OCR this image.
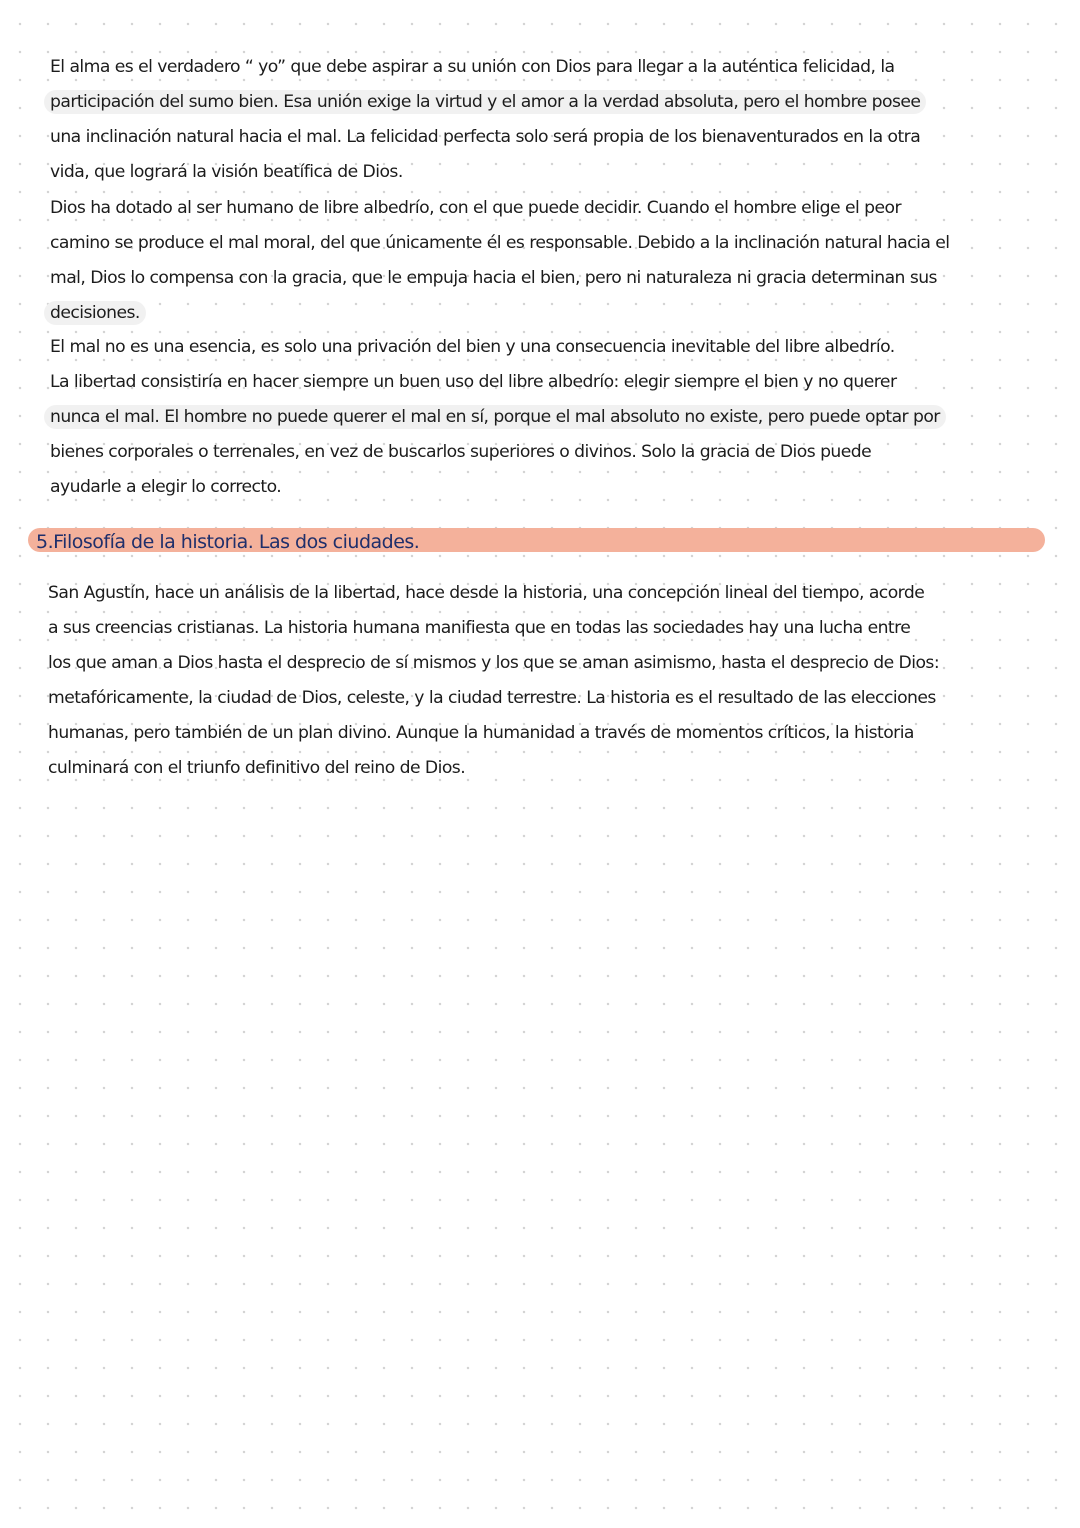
El alma es el verdadero “ yo” que debe aspirar a su unión con Dios para llegar a la auténtica felicidad, la
participación del sumo bien. Esa unión exige la virtud y el amor a la verdad absoluta, pero el hombre posee
una inclinación natural hacia el mal. La felicidad perfecta solo será propia de los bienaventurados en la otra
vida, que logrará la visión beatífica de Dios.
Dios ha dotado al ser humano de libre albedrío, con el que puede decidir. Cuando el hombre elige el peor
camino se produce el mal moral, del que únicamente él es responsable. Debido a la inclinación natural hacia el
mal, Dios lo compensa con la gracia, que le empuja hacia el bien, pero ni naturaleza ni gracia determinan sus
decisiones.
El mal no es una esencia, es solo una privación del bien y una consecuencia inevitable del libre albedrío.
La libertad consistiría en hacer siempre un buen uso del libre albedrío: elegir siempre el bien y no querer
nunca el mal. El hombre no puede querer el mal en sí, porque el mal absoluto no existe, pero puede optar por
bienes corporales o terrenales, en vez de buscarlos superiores o divinos. Solo la gracia de Dios puede
ayudarle a elegir lo correcto.
5.Filosofía de la historia. Las dos ciudades.
San Agustín, hace un análisis de la libertad, hace desde la historia, una concepción lineal del tiempo, acorde
a sus creencias cristianas. La historia humana manifiesta que en todas las sociedades hay una lucha entre
los que aman a Dios hasta el desprecio de sí mismos y los que se aman asimismo, hasta el desprecio de Dios:
metafóricamente, la ciudad de Dios, celeste, y la ciudad terrestre. La historia es el resultado de las elecciones
humanas, pero también de un plan divino. Aunque la humanidad a través de momentos críticos, la historia
culminará con el triunfo definitivo del reino de Dios.
